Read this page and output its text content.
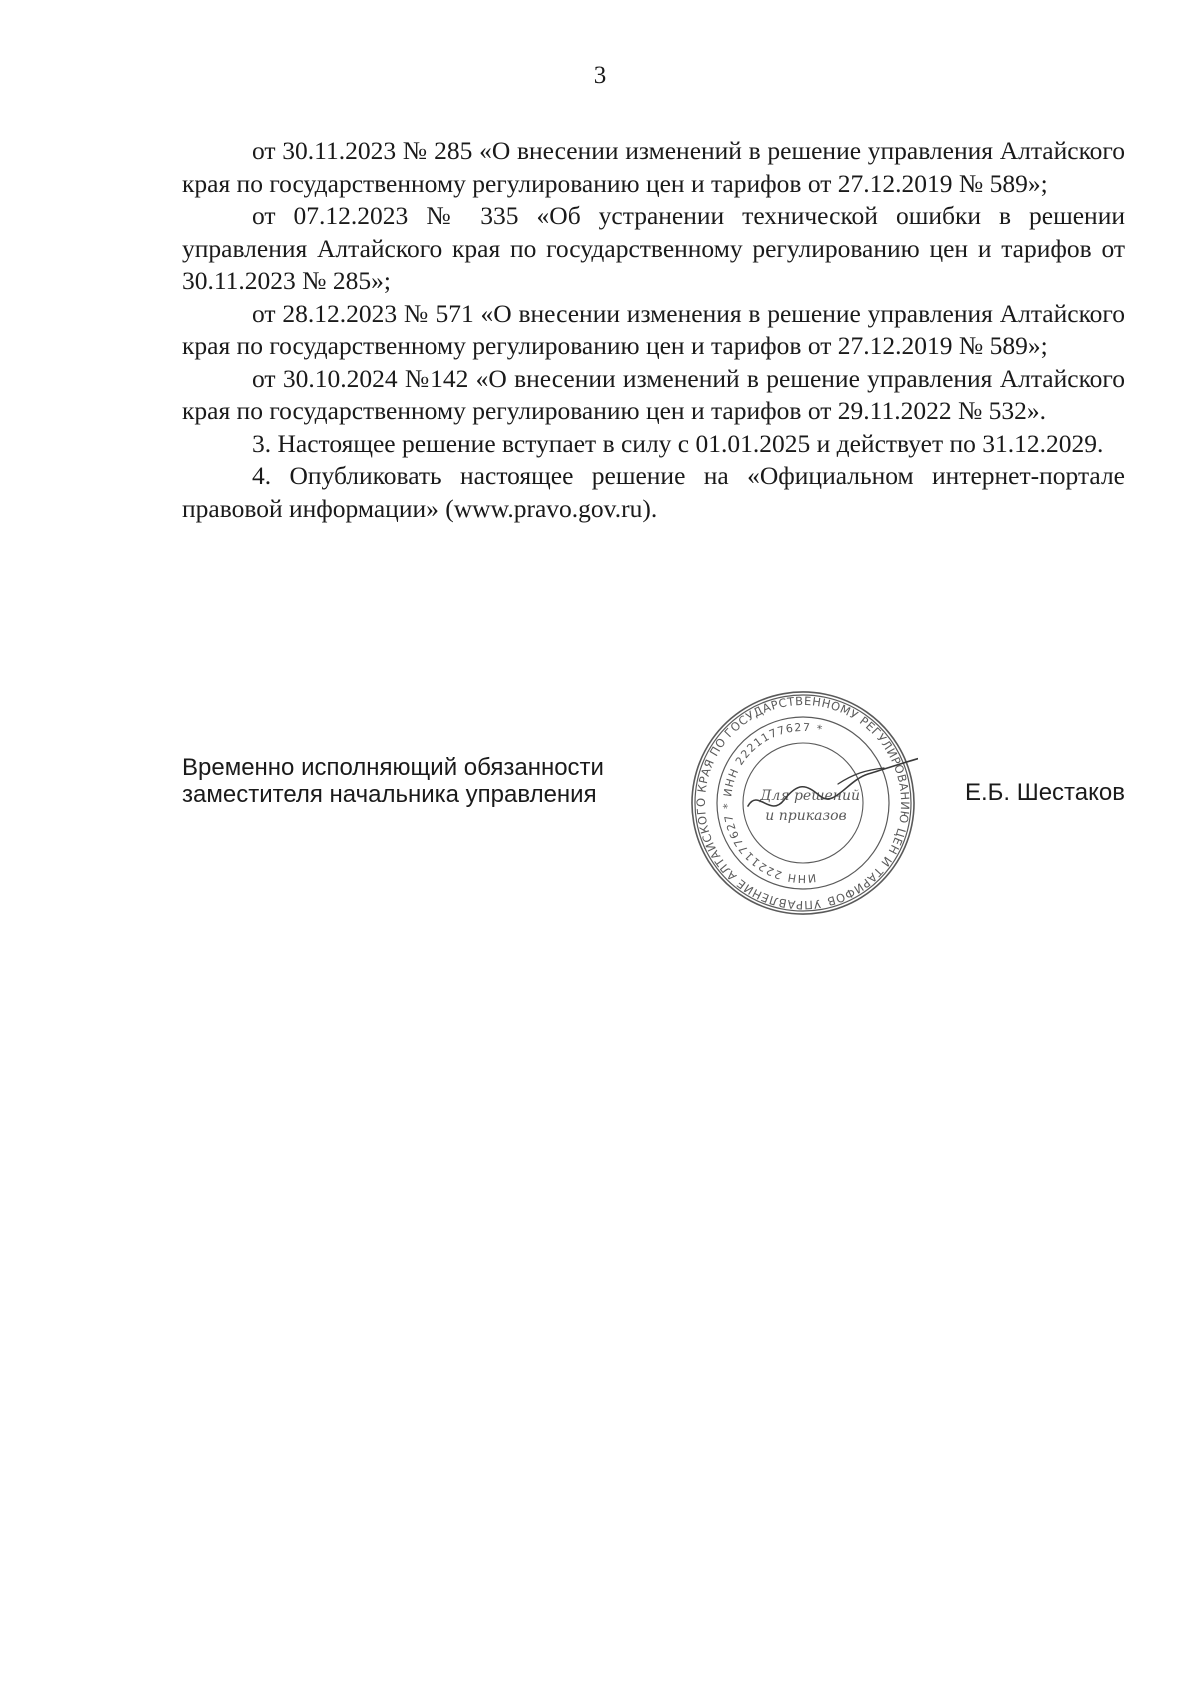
3

от 30.11.2023 № 285 «О внесении изменений в решение управления Алтайского края по государственному регулированию цен и тарифов от 27.12.2019 № 589»;

от 07.12.2023 № 335 «Об устранении технической ошибки в решении управления Алтайского края по государственному регулированию цен и тарифов от 30.11.2023 № 285»;

от 28.12.2023 № 571 «О внесении изменения в решение управления Алтайского края по государственному регулированию цен и тарифов от 27.12.2019 № 589»;

от 30.10.2024 №142 «О внесении изменений в решение управления Алтайского края по государственному регулированию цен и тарифов от 29.11.2022 № 532».

3. Настоящее решение вступает в силу с 01.01.2025 и действует по 31.12.2029.

4. Опубликовать настоящее решение на «Официальном интернет-портале правовой информации» (www.pravo.gov.ru).

Временно исполняющий обязанности
заместителя начальника управления	Е.Б. Шестаков
УПРАВЛЕНИЕ АЛТАЙСКОГО КРАЯ ПО ГОСУДАРСТВЕННОМУ РЕГУЛИРОВАНИЮ ЦЕН И ТАРИФОВ
ИНН 2221177627 * ИНН 2221177627 *
Для решений
и приказов
